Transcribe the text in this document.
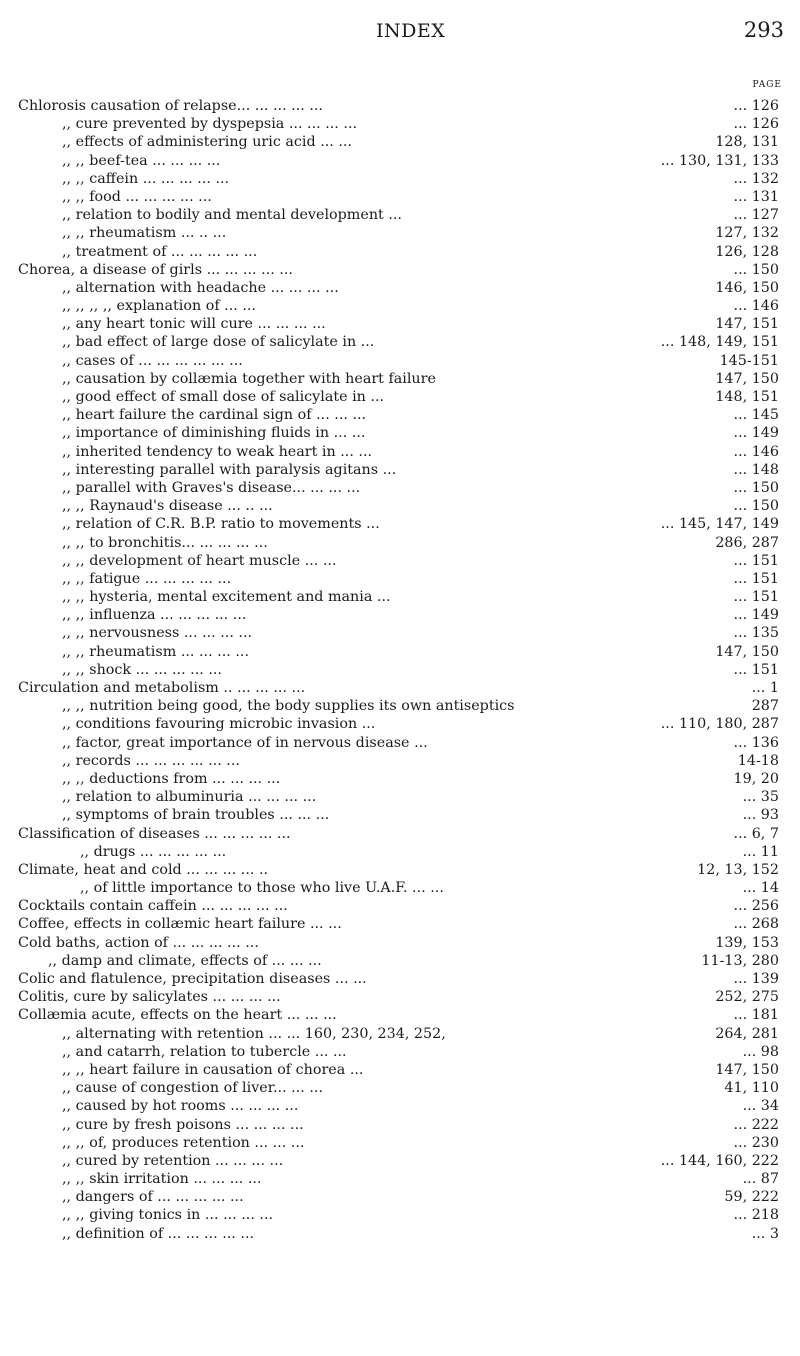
INDEX	293
PAGE
Chlorosis causation of relapse... ... ... ... ...	... 126
,, cure prevented by dyspepsia ... ... ... ...	... 126
,, effects of administering uric acid ... ...	128, 131
,, ,, beef-tea ... ... ... ...	... 130, 131, 133
,, ,, caffein ... ... ... ... ...	... 132
,, ,, food ... ... ... ... ...	... 131
,, relation to bodily and mental development ...	... 127
,, ,, rheumatism ... .. ...	127, 132
,, treatment of ... ... ... ... ...	126, 128
Chorea, a disease of girls ... ... ... ... ...	... 150
,, alternation with headache ... ... ... ...	146, 150
,, ,, ,, ,, explanation of ... ...	... 146
,, any heart tonic will cure ... ... ... ...	147, 151
,, bad effect of large dose of salicylate in ...	... 148, 149, 151
,, cases of ... ... ... ... ... ...	145-151
,, causation by collæmia together with heart failure	147, 150
,, good effect of small dose of salicylate in ...	148, 151
,, heart failure the cardinal sign of ... ... ...	... 145
,, importance of diminishing fluids in ... ...	... 149
,, inherited tendency to weak heart in ... ...	... 146
,, interesting parallel with paralysis agitans ...	... 148
,, parallel with Graves's disease... ... ... ...	... 150
,, ,, Raynaud's disease ... .. ...	... 150
,, relation of C.R. B.P. ratio to movements ...	... 145, 147, 149
,, ,, to bronchitis... ... ... ... ...	286, 287
,, ,, development of heart muscle ... ...	... 151
,, ,, fatigue ... ... ... ... ...	... 151
,, ,, hysteria, mental excitement and mania ...	... 151
,, ,, influenza ... ... ... ... ...	... 149
,, ,, nervousness ... ... ... ...	... 135
,, ,, rheumatism ... ... ... ...	147, 150
,, ,, shock ... ... ... ... ...	... 151
Circulation and metabolism .. ... ... ... ...	... 1
,, ,, nutrition being good, the body supplies its own antiseptics	287
,, conditions favouring microbic invasion ...	... 110, 180, 287
,, factor, great importance of in nervous disease ...	... 136
,, records ... ... ... ... ... ...	14-18
,, ,, deductions from ... ... ... ...	19, 20
,, relation to albuminuria ... ... ... ...	... 35
,, symptoms of brain troubles ... ... ...	... 93
Classification of diseases ... ... ... ... ...	... 6, 7
,, drugs ... ... ... ... ...	... 11
Climate, heat and cold ... ... ... ... ..	12, 13, 152
,, of little importance to those who live U.A.F. ... ...	... 14
Cocktails contain caffein ... ... ... ... ...	... 256
Coffee, effects in collæmic heart failure ... ...	... 268
Cold baths, action of ... ... ... ... ...	139, 153
,, damp and climate, effects of ... ... ...	11-13, 280
Colic and flatulence, precipitation diseases ... ...	... 139
Colitis, cure by salicylates ... ... ... ...	252, 275
Collæmia acute, effects on the heart ... ... ...	... 181
,, alternating with retention ... ... 160, 230, 234, 252,	264, 281
,, and catarrh, relation to tubercle ... ...	... 98
,, ,, heart failure in causation of chorea ...	147, 150
,, cause of congestion of liver... ... ...	41, 110
,, caused by hot rooms ... ... ... ...	... 34
,, cure by fresh poisons ... ... ... ...	... 222
,, ,, of, produces retention ... ... ...	... 230
,, cured by retention ... ... ... ...	... 144, 160, 222
,, ,, skin irritation ... ... ... ...	... 87
,, dangers of ... ... ... ... ...	59, 222
,, ,, giving tonics in ... ... ... ...	... 218
,, definition of ... ... ... ... ...	... 3
